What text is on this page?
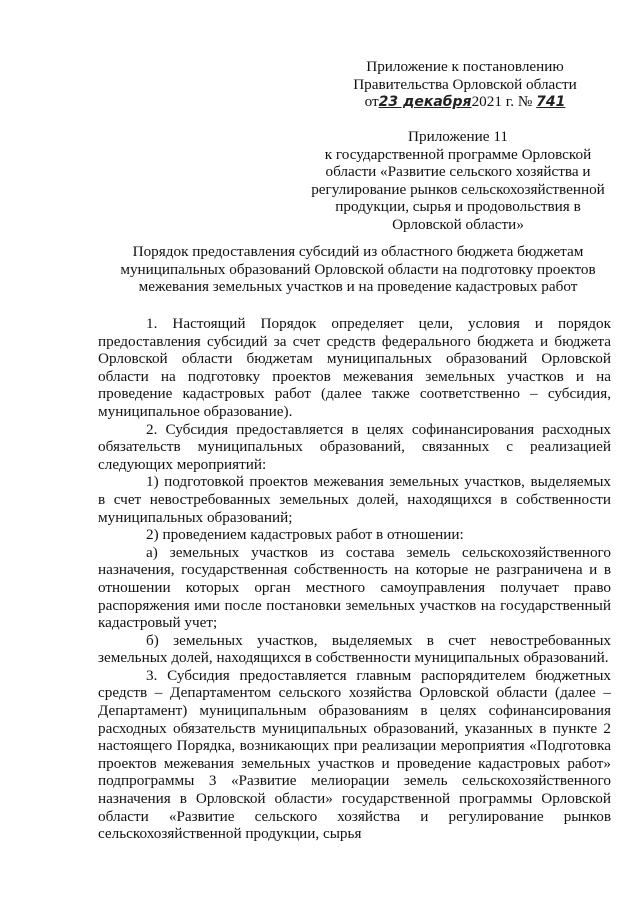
Приложение к постановлению
Правительства Орловской области
от23 декабря2021 г. № 741
Приложение 11
к государственной программе Орловской
области «Развитие сельского хозяйства и
регулирование рынков сельскохозяйственной
продукции, сырья и продовольствия в
Орловской области»
Порядок предоставления субсидий из областного бюджета бюджетам
муниципальных образований Орловской области на подготовку проектов
межевания земельных участков и на проведение кадастровых работ

1. Настоящий Порядок определяет цели, условия и порядок предоставления субсидий за счет средств федерального бюджета и бюджета Орловской области бюджетам муниципальных образований Орловской области на подготовку проектов межевания земельных участков и на проведение кадастровых работ (далее также соответственно – субсидия, муниципальное образование).

2. Субсидия предоставляется в целях софинансирования расходных обязательств муниципальных образований, связанных с реализацией следующих мероприятий:

1) подготовкой проектов межевания земельных участков, выделяемых в счет невостребованных земельных долей, находящихся в собственности муниципальных образований;

2) проведением кадастровых работ в отношении:

а) земельных участков из состава земель сельскохозяйственного назначения, государственная собственность на которые не разграничена и в отношении которых орган местного самоуправления получает право распоряжения ими после постановки земельных участков на государственный кадастровый учет;

б) земельных участков, выделяемых в счет невостребованных земельных долей, находящихся в собственности муниципальных образований.

3. Субсидия предоставляется главным распорядителем бюджетных средств – Департаментом сельского хозяйства Орловской области (далее – Департамент) муниципальным образованиям в целях софинансирования расходных обязательств муниципальных образований, указанных в пункте 2 настоящего Порядка, возникающих при реализации мероприятия «Подготовка проектов межевания земельных участков и проведение кадастровых работ» подпрограммы 3 «Развитие мелиорации земель сельскохозяйственного назначения в Орловской области» государственной программы Орловской области «Развитие сельского хозяйства и регулирование рынков сельскохозяйственной продукции, сырья
